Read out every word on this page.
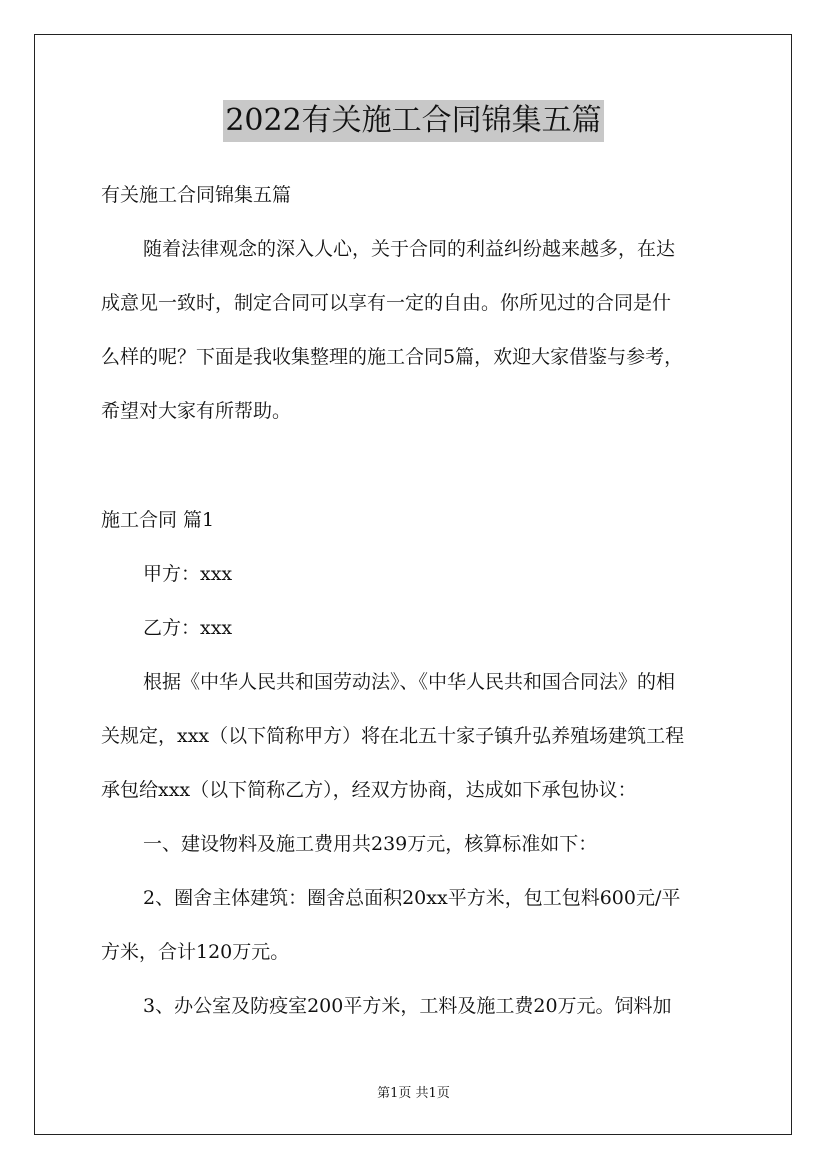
2022有关施工合同锦集五篇
有关施工合同锦集五篇
随着法律观念的深入人心，关于合同的利益纠纷越来越多，在达
成意见一致时，制定合同可以享有一定的自由。你所见过的合同是什
么样的呢？下面是我收集整理的施工合同5篇，欢迎大家借鉴与参考，
希望对大家有所帮助。
施工合同 篇1
甲方：xxx
乙方：xxx
根据《中华人民共和国劳动法》、《中华人民共和国合同法》的相
关规定，xxx（以下简称甲方）将在北五十家子镇升弘养殖场建筑工程
承包给xxx（以下简称乙方），经双方协商，达成如下承包协议：
一、建设物料及施工费用共239万元，核算标准如下：
2、圈舍主体建筑：圈舍总面积20xx平方米，包工包料600元/平
方米，合计120万元。
3、办公室及防疫室200平方米，工料及施工费20万元。饲料加
第1页 共1页
